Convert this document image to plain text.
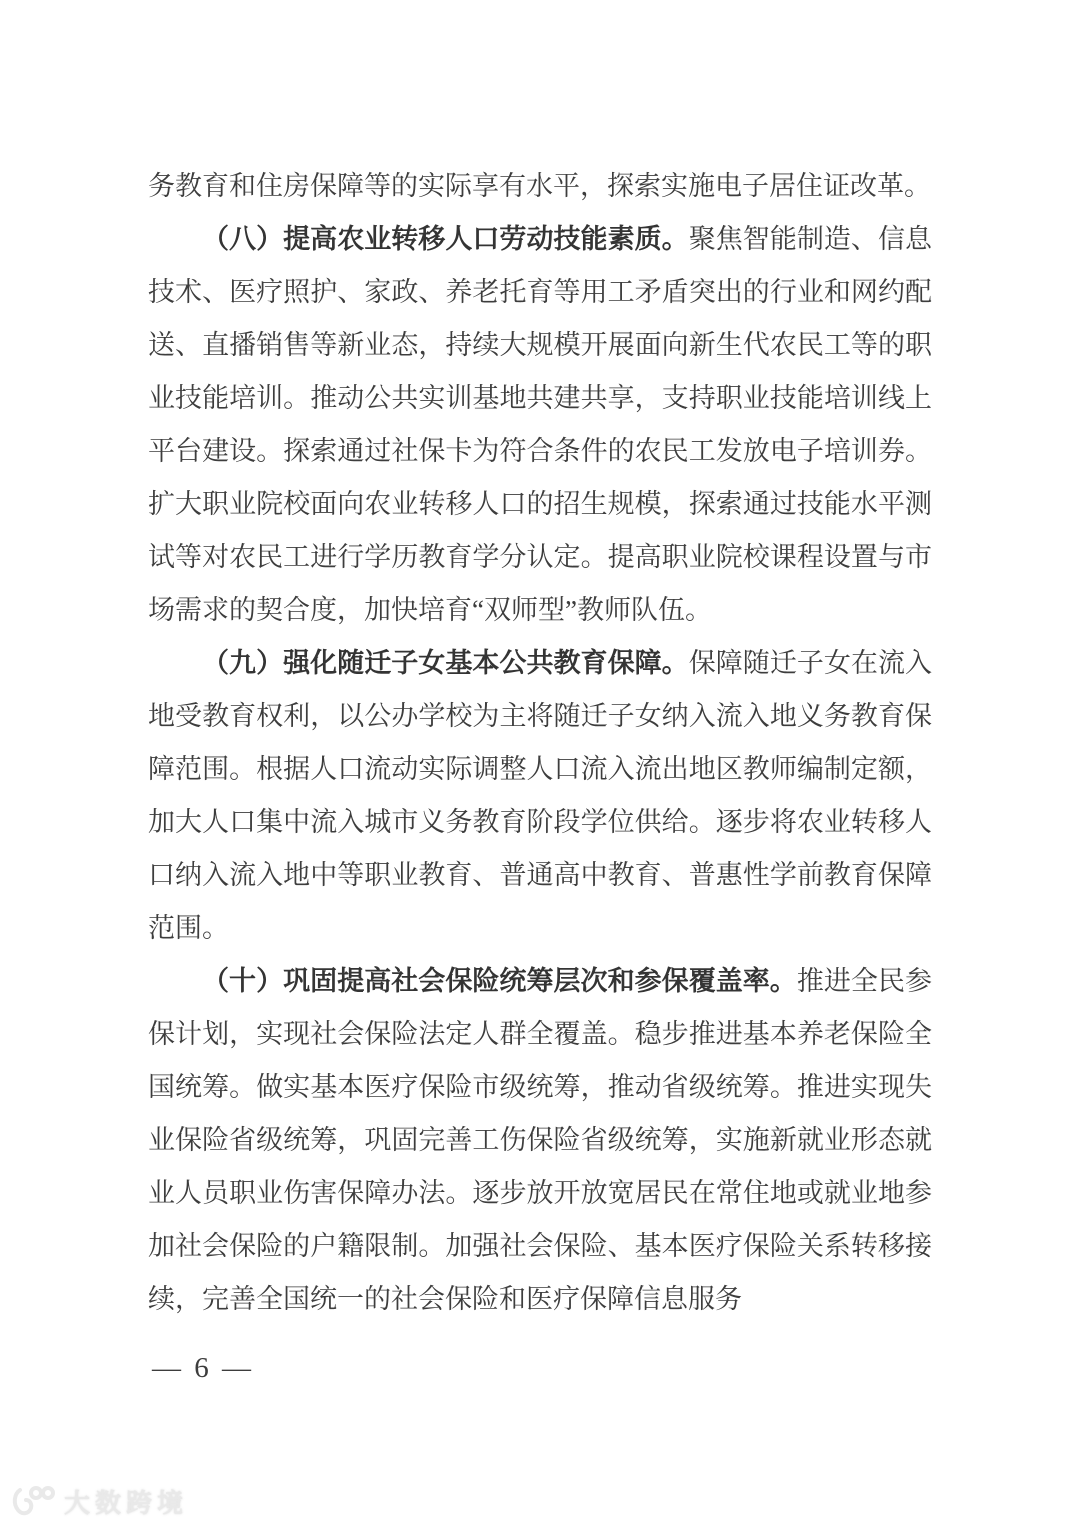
务教育和住房保障等的实际享有水平，探索实施电子居住证改革。

（八）提高农业转移人口劳动技能素质。聚焦智能制造、信息技术、医疗照护、家政、养老托育等用工矛盾突出的行业和网约配送、直播销售等新业态，持续大规模开展面向新生代农民工等的职业技能培训。推动公共实训基地共建共享，支持职业技能培训线上平台建设。探索通过社保卡为符合条件的农民工发放电子培训券。扩大职业院校面向农业转移人口的招生规模，探索通过技能水平测试等对农民工进行学历教育学分认定。提高职业院校课程设置与市场需求的契合度，加快培育“双师型”教师队伍。

（九）强化随迁子女基本公共教育保障。保障随迁子女在流入地受教育权利，以公办学校为主将随迁子女纳入流入地义务教育保障范围。根据人口流动实际调整人口流入流出地区教师编制定额，加大人口集中流入城市义务教育阶段学位供给。逐步将农业转移人口纳入流入地中等职业教育、普通高中教育、普惠性学前教育保障范围。

（十）巩固提高社会保险统筹层次和参保覆盖率。推进全民参保计划，实现社会保险法定人群全覆盖。稳步推进基本养老保险全国统筹。做实基本医疗保险市级统筹，推动省级统筹。推进实现失业保险省级统筹，巩固完善工伤保险省级统筹，实施新就业形态就业人员职业伤害保障办法。逐步放开放宽居民在常住地或就业地参加社会保险的户籍限制。加强社会保险、基本医疗保险关系转移接续，完善全国统一的社会保险和医疗保障信息服务

— 6 —
大数跨境
